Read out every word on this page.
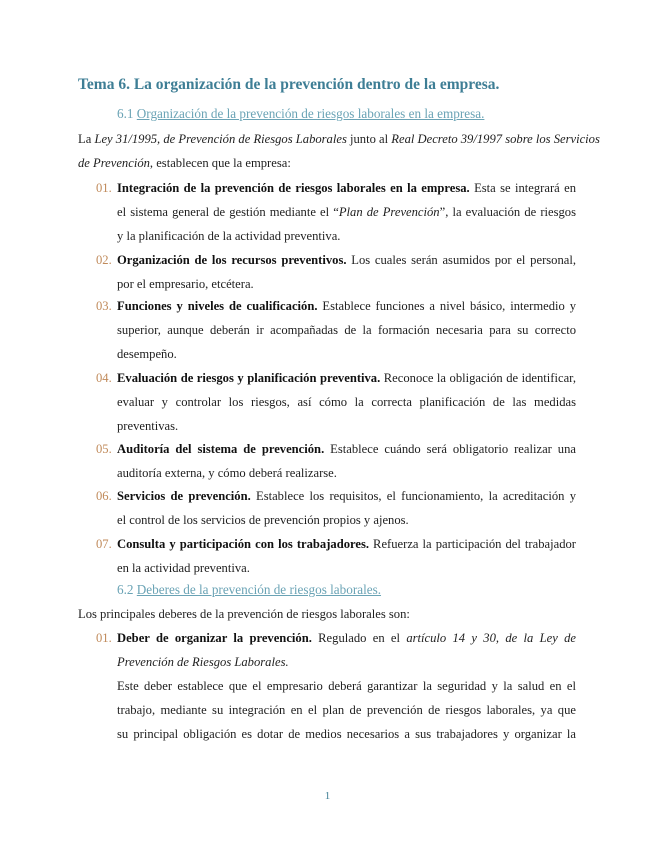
Tema 6. La organización de la prevención dentro de la empresa.
6.1 Organización de la prevención de riesgos laborales en la empresa.
La Ley 31/1995, de Prevención de Riesgos Laborales junto al Real Decreto 39/1997 sobre los Servicios
de Prevención, establecen que la empresa:
01. Integración de la prevención de riesgos laborales en la empresa. Esta se integrará en
el sistema general de gestión mediante el “Plan de Prevención”, la evaluación de riesgos
y la planificación de la actividad preventiva.
02. Organización de los recursos preventivos. Los cuales serán asumidos por el personal,
por el empresario, etcétera.
03. Funciones y niveles de cualificación. Establece funciones a nivel básico, intermedio y
superior, aunque deberán ir acompañadas de la formación necesaria para su correcto
desempeño.
04. Evaluación de riesgos y planificación preventiva. Reconoce la obligación de identificar,
evaluar y controlar los riesgos, así cómo la correcta planificación de las medidas
preventivas.
05. Auditoría del sistema de prevención. Establece cuándo será obligatorio realizar una
auditoría externa, y cómo deberá realizarse.
06. Servicios de prevención. Establece los requisitos, el funcionamiento, la acreditación y
el control de los servicios de prevención propios y ajenos.
07. Consulta y participación con los trabajadores. Refuerza la participación del trabajador
en la actividad preventiva.
6.2 Deberes de la prevención de riesgos laborales.
Los principales deberes de la prevención de riesgos laborales son:
01. Deber de organizar la prevención. Regulado en el artículo 14 y 30, de la Ley de
Prevención de Riesgos Laborales.
Este deber establece que el empresario deberá garantizar la seguridad y la salud en el
trabajo, mediante su integración en el plan de prevención de riesgos laborales, ya que
su principal obligación es dotar de medios necesarios a sus trabajadores y organizar la
1
